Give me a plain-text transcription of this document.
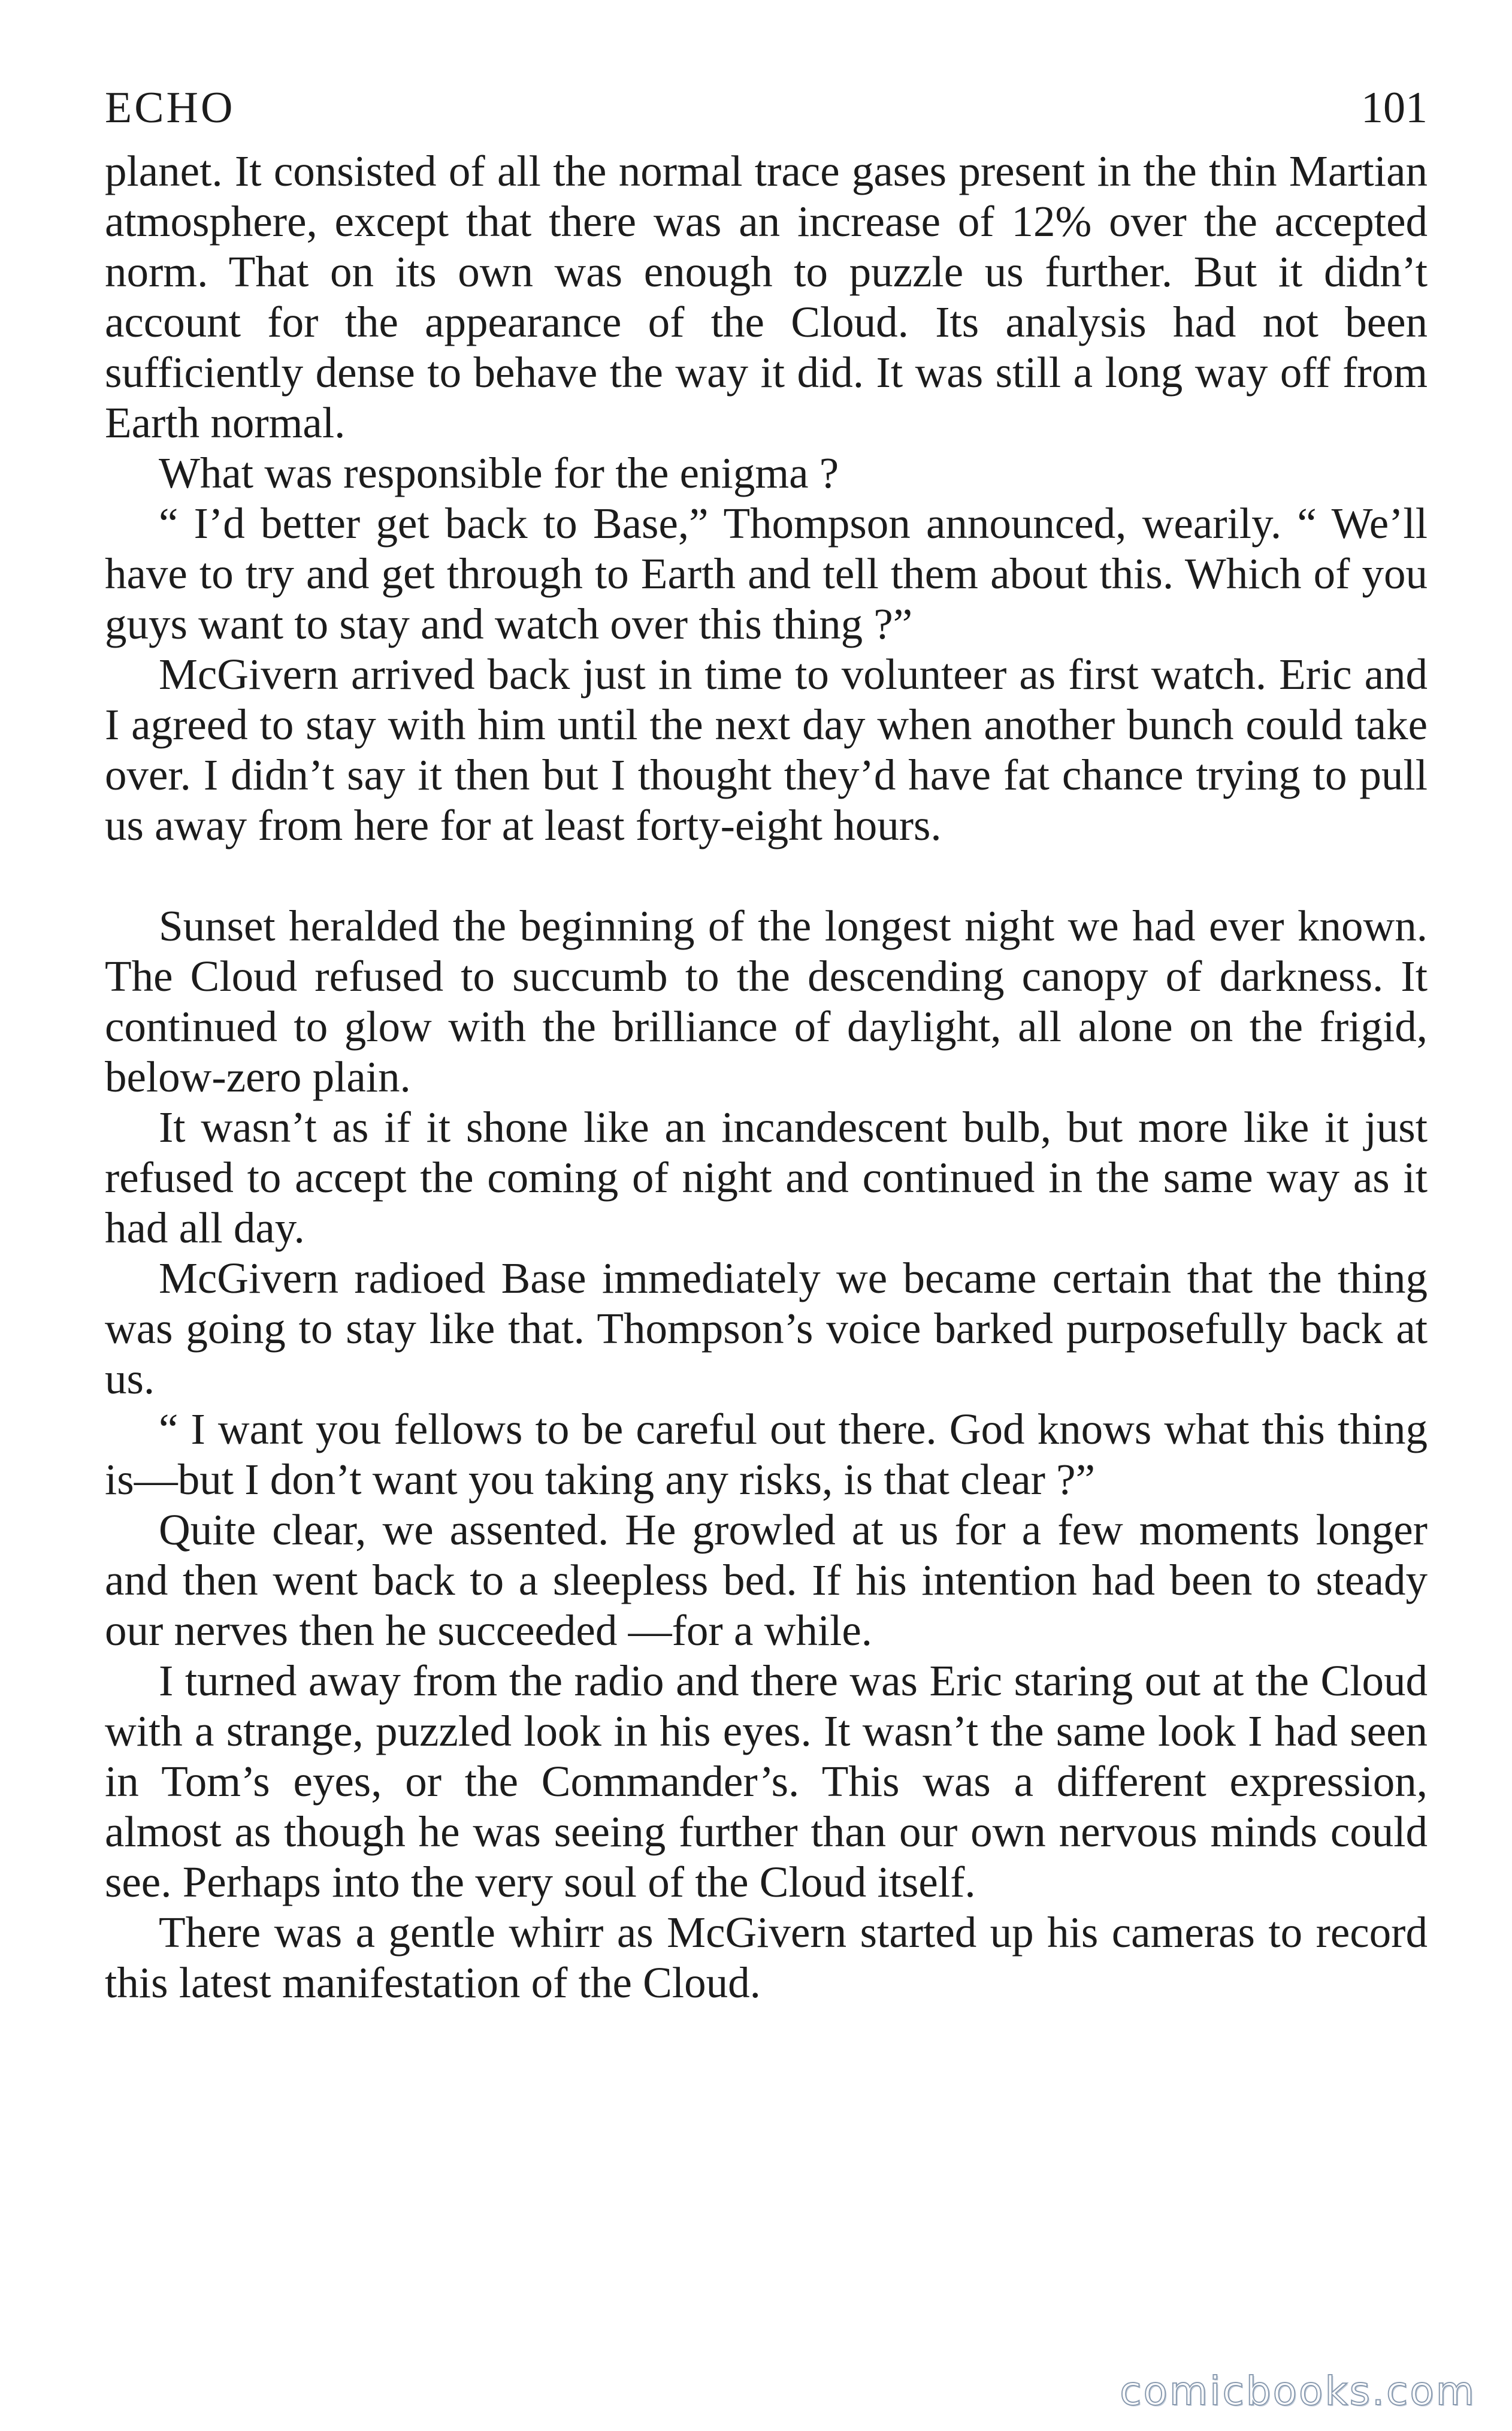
ECHO	101

planet. It consisted of all the normal trace gases present in the thin Martian atmosphere, except that there was an increase of 12% over the accepted norm. That on its own was enough to puzzle us further. But it didn’t account for the appearance of the Cloud. Its analysis had not been sufficiently dense to behave the way it did. It was still a long way off from Earth normal.

What was responsible for the enigma ?

“ I’d better get back to Base,” Thompson announced, wearily. “ We’ll have to try and get through to Earth and tell them about this. Which of you guys want to stay and watch over this thing ?”

McGivern arrived back just in time to volunteer as first watch. Eric and I agreed to stay with him until the next day when another bunch could take over. I didn’t say it then but I thought they’d have fat chance trying to pull us away from here for at least forty-eight hours.

Sunset heralded the beginning of the longest night we had ever known. The Cloud refused to succumb to the descending canopy of darkness. It continued to glow with the brilliance of daylight, all alone on the frigid, below-zero plain.

It wasn’t as if it shone like an incandescent bulb, but more like it just refused to accept the coming of night and continued in the same way as it had all day.

McGivern radioed Base immediately we became certain that the thing was going to stay like that. Thompson’s voice barked purposefully back at us.

“ I want you fellows to be careful out there. God knows what this thing is—but I don’t want you taking any risks, is that clear ?”

Quite clear, we assented. He growled at us for a few moments longer and then went back to a sleepless bed. If his intention had been to steady our nerves then he succeeded —for a while.

I turned away from the radio and there was Eric staring out at the Cloud with a strange, puzzled look in his eyes. It wasn’t the same look I had seen in Tom’s eyes, or the Commander’s. This was a different expression, almost as though he was seeing further than our own nervous minds could see. Perhaps into the very soul of the Cloud itself.

There was a gentle whirr as McGivern started up his cameras to record this latest manifestation of the Cloud.

comicbooks.com
